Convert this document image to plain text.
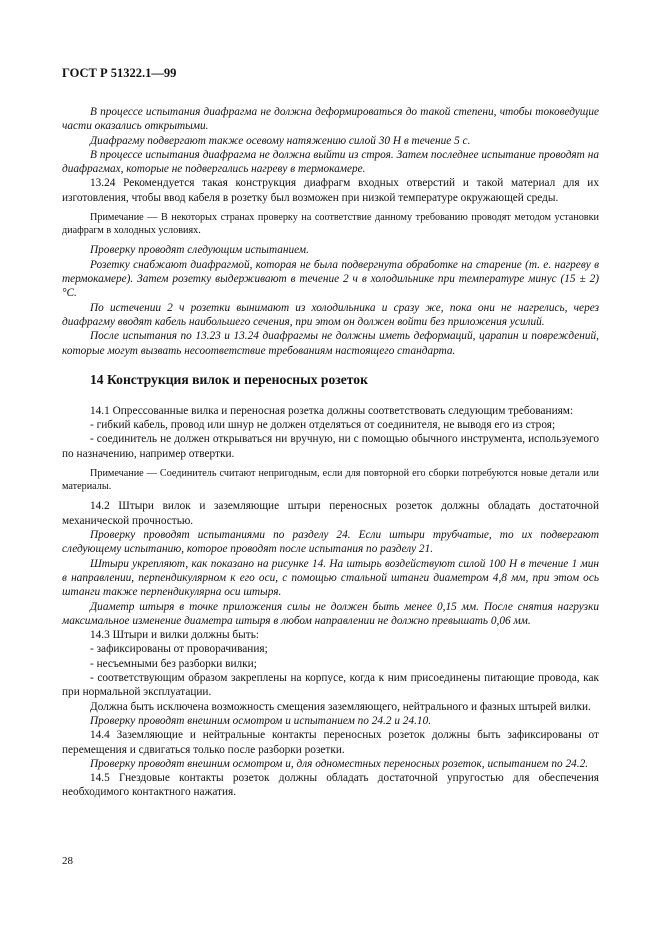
ГОСТ Р 51322.1—99

В процессе испытания диафрагма не должна деформироваться до такой степени, чтобы токоведущие части оказались открытыми.

Диафрагму подвергают также осевому натяжению силой 30 Н в течение 5 с.

В процессе испытания диафрагма не должна выйти из строя. Затем последнее испытание проводят на диафрагмах, которые не подвергались нагреву в термокамере.

13.24 Рекомендуется такая конструкция диафрагм входных отверстий и такой материал для их изготовления, чтобы ввод кабеля в розетку был возможен при низкой температуре окружающей среды.

Примечание — В некоторых странах проверку на соответствие данному требованию проводят методом установки диафрагм в холодных условиях.

Проверку проводят следующим испытанием.

Розетку снабжают диафрагмой, которая не была подвергнута обработке на старение (т. е. нагреву в термокамере). Затем розетку выдерживают в течение 2 ч в холодильнике при температуре минус (15 ± 2) °С.

По истечении 2 ч розетки вынимают из холодильника и сразу же, пока они не нагрелись, через диафрагму вводят кабель наибольшего сечения, при этом он должен войти без приложения усилий.

После испытания по 13.23 и 13.24 диафрагмы не должны иметь деформаций, царапин и повреждений, которые могут вызвать несоответствие требованиям настоящего стандарта.

14 Конструкция вилок и переносных розеток

14.1 Опрессованные вилка и переносная розетка должны соответствовать следующим требованиям:

- гибкий кабель, провод или шнур не должен отделяться от соединителя, не выводя его из строя;

- соединитель не должен открываться ни вручную, ни с помощью обычного инструмента, используемого по назначению, например отвертки.

Примечание — Соединитель считают непригодным, если для повторной его сборки потребуются новые детали или материалы.

14.2 Штыри вилок и заземляющие штыри переносных розеток должны обладать достаточной механической прочностью.

Проверку проводят испытаниями по разделу 24. Если штыри трубчатые, то их подвергают следующему испытанию, которое проводят после испытания по разделу 21.

Штыри укрепляют, как показано на рисунке 14. На штырь воздействуют силой 100 Н в течение 1 мин в направлении, перпендикулярном к его оси, с помощью стальной штанги диаметром 4,8 мм, при этом ось штанги также перпендикулярна оси штыря.

Диаметр штыря в точке приложения силы не должен быть менее 0,15 мм. После снятия нагрузки максимальное изменение диаметра штыря в любом направлении не должно превышать 0,06 мм.

14.3 Штыри и вилки должны быть:

- зафиксированы от проворачивания;

- несъемными без разборки вилки;

- соответствующим образом закреплены на корпусе, когда к ним присоединены питающие провода, как при нормальной эксплуатации.

Должна быть исключена возможность смещения заземляющего, нейтрального и фазных штырей вилки.

Проверку проводят внешним осмотром и испытанием по 24.2 и 24.10.

14.4 Заземляющие и нейтральные контакты переносных розеток должны быть зафиксированы от перемещения и сдвигаться только после разборки розетки.

Проверку проводят внешним осмотром и, для одноместных переносных розеток, испытанием по 24.2.

14.5 Гнездовые контакты розеток должны обладать достаточной упругостью для обеспечения необходимого контактного нажатия.

28
